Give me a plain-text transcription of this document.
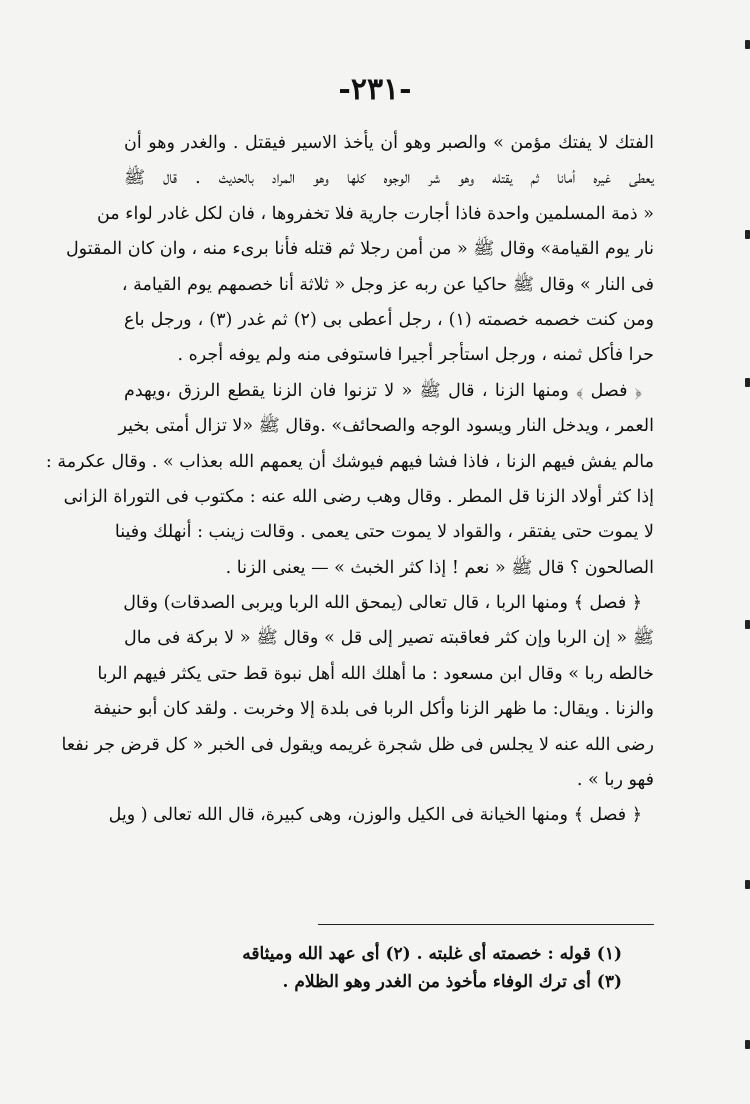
-٢٣١-
الفتك لا يفتك مؤمن » والصبر وهو أن يأخذ الاسير فيقتل . والغدر وهو أن
يعطى غيره أمانا ثم يقتله وهو شر الوجوه كلها وهو المراد بالحديث . قال ﷺ
« ذمة المسلمين واحدة فاذا أجارت جارية فلا تخفروها ، فان لكل غادر لواء من
نار يوم القيامة» وقال ﷺ « من أمن رجلا ثم قتله فأنا برىء منه ، وان كان المقتول
فى النار » وقال ﷺ حاكيا عن ربه عز وجل « ثلاثة أنا خصمهم يوم القيامة ،
ومن كنت خصمه خصمته (١) ، رجل أعطى بى (٢) ثم غدر (٣) ، ورجل باع
حرا فأكل ثمنه ، ورجل استأجر أجيرا فاستوفى منه ولم يوفه أجره .
﴿ فصل ﴾ ومنها الزنا ، قال ﷺ « لا تزنوا فان الزنا يقطع الرزق ،ويهدم
العمر ، ويدخل النار ويسود الوجه والصحائف» .وقال ﷺ «لا تزال أمتى بخير
مالم يفش فيهم الزنا ، فاذا فشا فيهم فيوشك أن يعمهم الله بعذاب » . وقال عكرمة :
إذا كثر أولاد الزنا قل المطر . وقال وهب رضى الله عنه : مكتوب فى التوراة الزانى
لا يموت حتى يفتقر ، والقواد لا يموت حتى يعمى . وقالت زينب : أنهلك وفينا
الصالحون ؟ قال ﷺ « نعم ! إذا كثر الخبث » — يعنى الزنا .
﴿ فصل ﴾ ومنها الربا ، قال تعالى (يمحق الله الربا ويربى الصدقات) وقال
ﷺ « إن الربا وإن كثر فعاقبته تصير إلى قل » وقال ﷺ « لا بركة فى مال
خالطه ربا » وقال ابن مسعود : ما أهلك الله أهل نبوة قط حتى يكثر فيهم الربا
والزنا . ويقال: ما ظهر الزنا وأكل الربا فى بلدة إلا وخربت . ولقد كان أبو حنيفة
رضى الله عنه لا يجلس فى ظل شجرة غريمه ويقول فى الخبر « كل قرض جر نفعا
فهو ربا » .
﴿ فصل ﴾ ومنها الخيانة فى الكيل والوزن، وهى كبيرة، قال الله تعالى ( ويل
(١) قوله : خصمته أى غلبته . (٢) أى عهد الله وميثاقه
(٣) أى ترك الوفاء مأخوذ من الغدر وهو الظلام .
